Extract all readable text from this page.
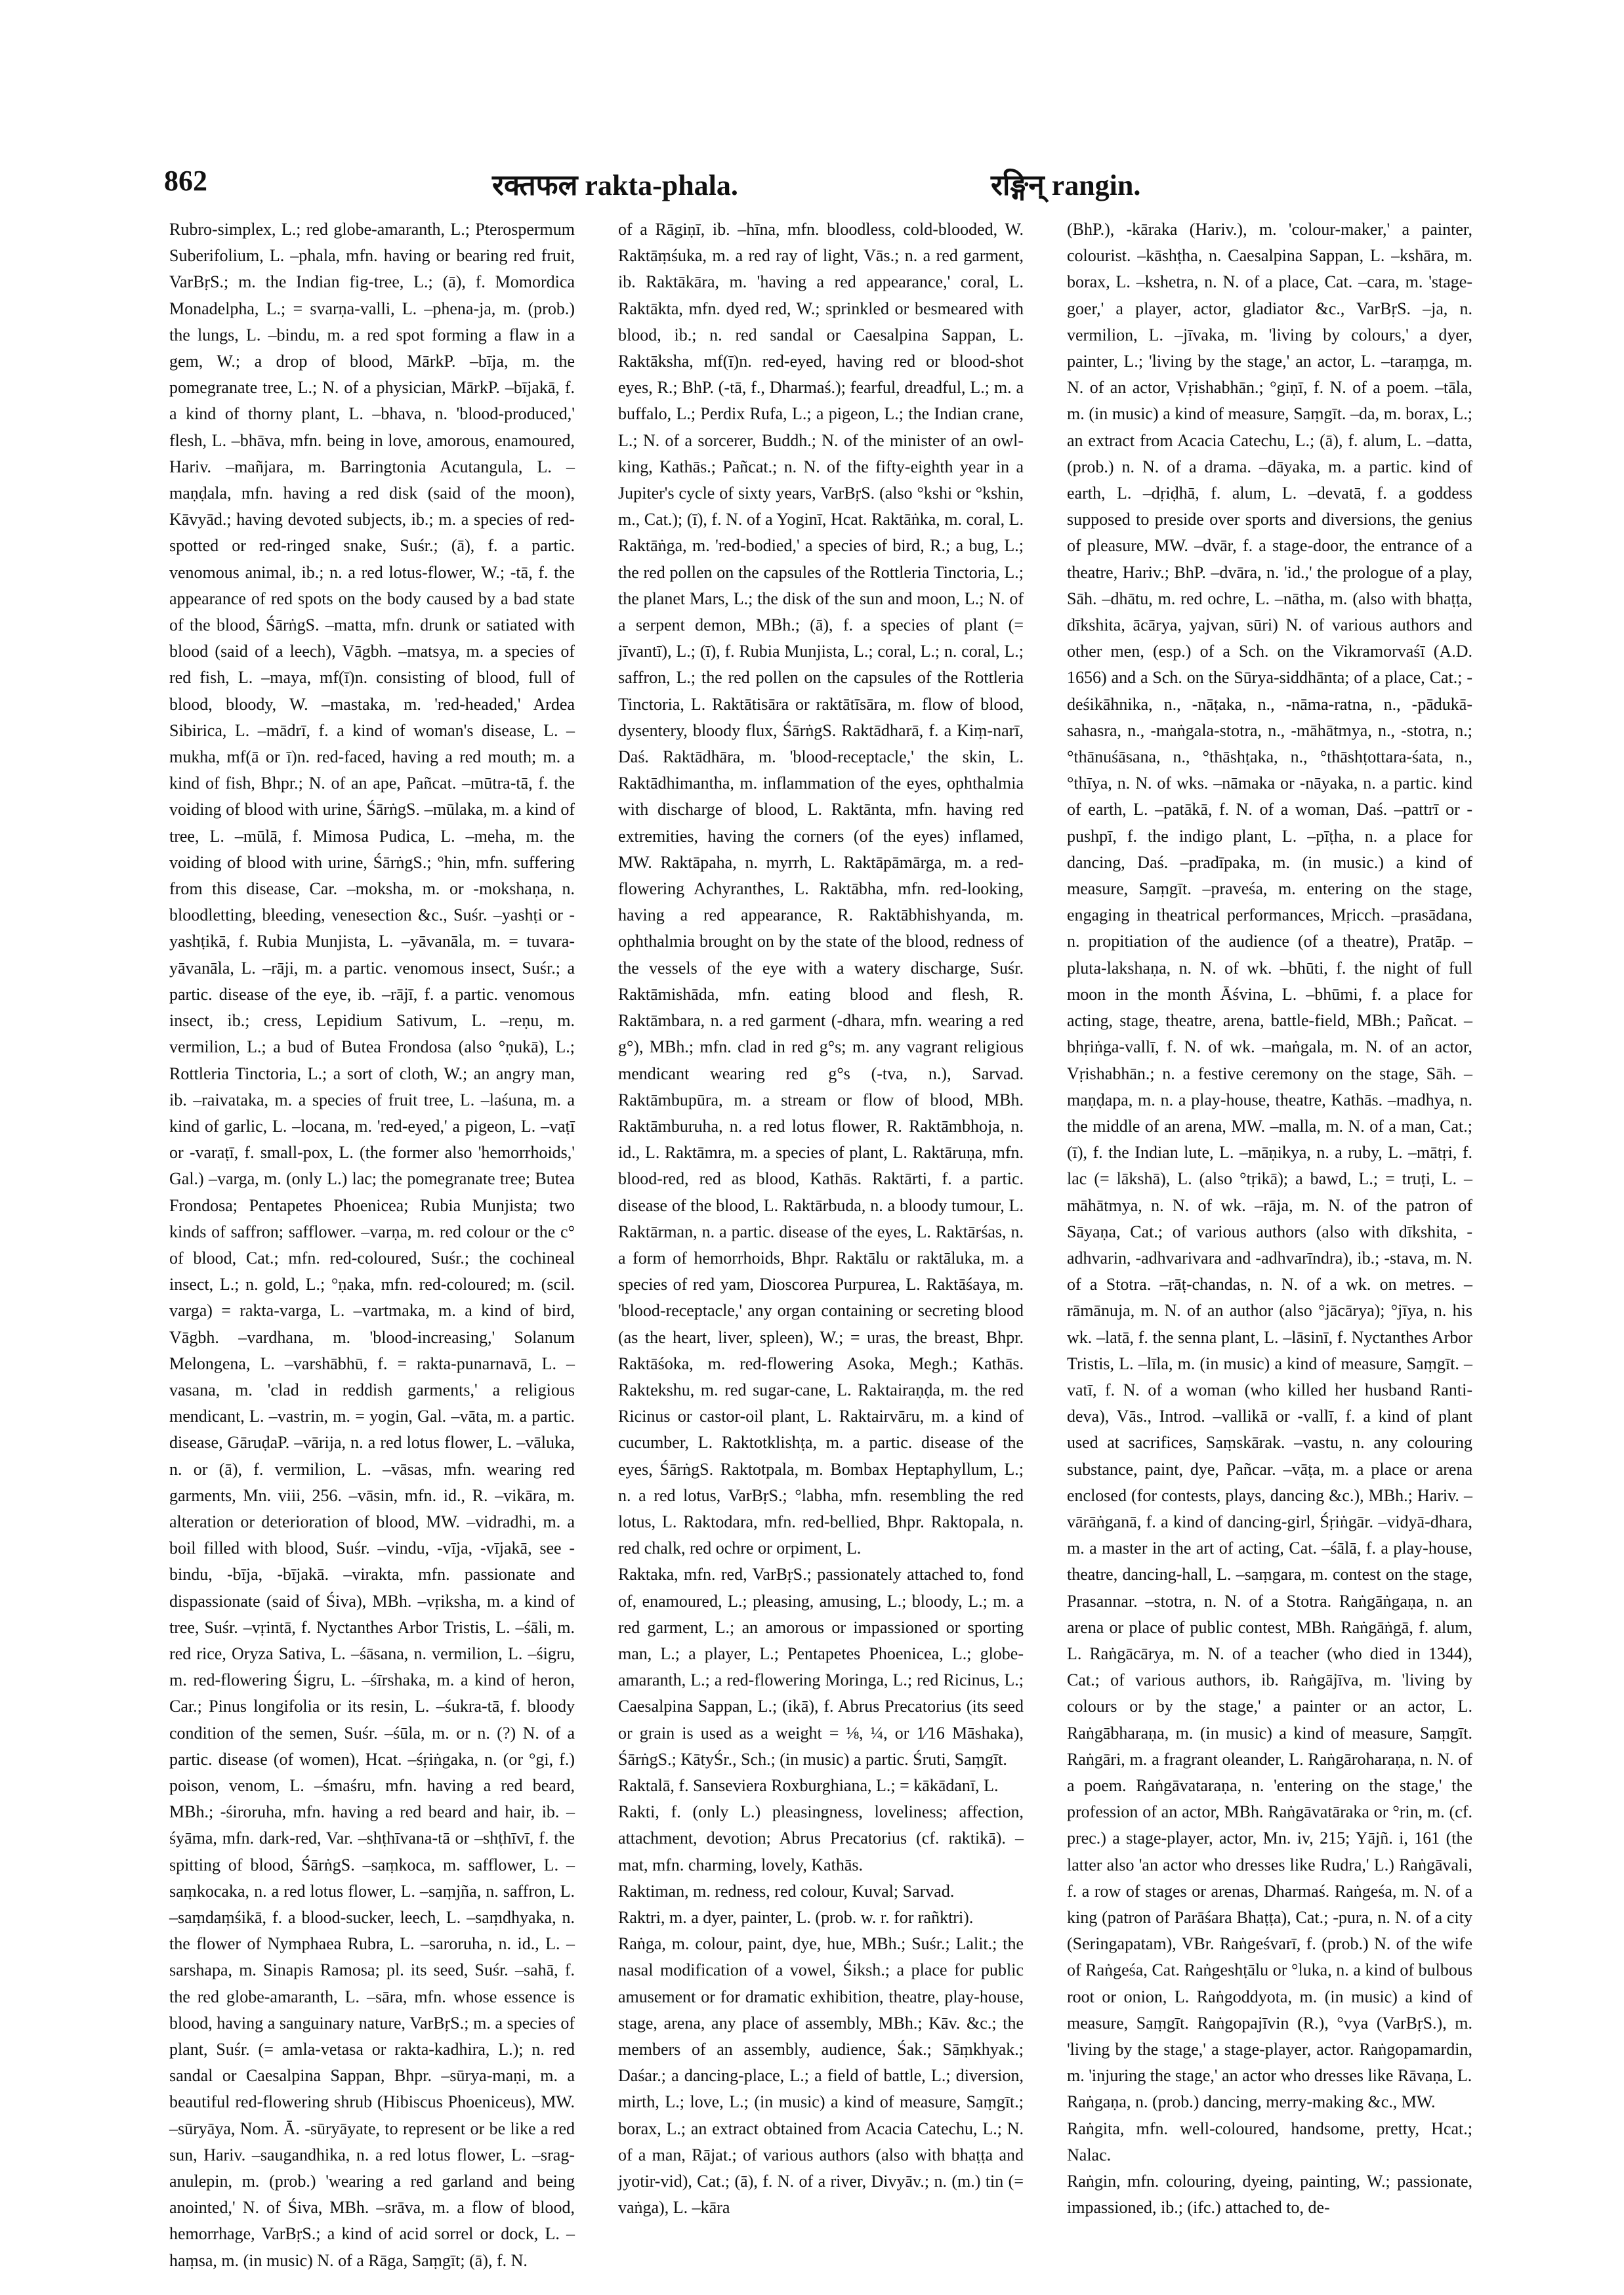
862	रक्तफल rakta-phala.	रङ्गिन् rangin.

Rubro-simplex, L.; red globe-amaranth, L.; Pterospermum Suberifolium, L. –phala, mfn. having or bearing red fruit, VarBṛS.; m. the Indian fig-tree, L.; (ā), f. Momordica Monadelpha, L.; = svarṇa-valli, L. –phena-ja, m. (prob.) the lungs, L. –bindu, m. a red spot forming a flaw in a gem, W.; a drop of blood, MārkP. –bīja, m. the pomegranate tree, L.; N. of a physician, MārkP. –bījakā, f. a kind of thorny plant, L. –bhava, n. 'blood-produced,' flesh, L. –bhāva, mfn. being in love, amorous, enamoured, Hariv. –mañjara, m. Barringtonia Acutangula, L. –maṇḍala, mfn. having a red disk (said of the moon), Kāvyād.; having devoted subjects, ib.; m. a species of red-spotted or red-ringed snake, Suśr.; (ā), f. a partic. venomous animal, ib.; n. a red lotus-flower, W.; -tā, f. the appearance of red spots on the body caused by a bad state of the blood, ŚārṅgS. –matta, mfn. drunk or satiated with blood (said of a leech), Vāgbh. –matsya, m. a species of red fish, L. –maya, mf(ī)n. consisting of blood, full of blood, bloody, W. –mastaka, m. 'red-headed,' Ardea Sibirica, L. –mādrī, f. a kind of woman's disease, L. –mukha, mf(ā or ī)n. red-faced, having a red mouth; m. a kind of fish, Bhpr.; N. of an ape, Pañcat. –mūtra-tā, f. the voiding of blood with urine, ŚārṅgS. –mūlaka, m. a kind of tree, L. –mūlā, f. Mimosa Pudica, L. –meha, m. the voiding of blood with urine, ŚārṅgS.; °hin, mfn. suffering from this disease, Car. –moksha, m. or -mokshaṇa, n. bloodletting, bleeding, venesection &c., Suśr. –yashṭi or -yashṭikā, f. Rubia Munjista, L. –yāvanāla, m. = tuvara-yāvanāla, L. –rāji, m. a partic. venomous insect, Suśr.; a partic. disease of the eye, ib. –rājī, f. a partic. venomous insect, ib.; cress, Lepidium Sativum, L. –reṇu, m. vermilion, L.; a bud of Butea Frondosa (also °ṇukā), L.; Rottleria Tinctoria, L.; a sort of cloth, W.; an angry man, ib. –raivataka, m. a species of fruit tree, L. –laśuna, m. a kind of garlic, L. –locana, m. 'red-eyed,' a pigeon, L. –vaṭī or -varaṭī, f. small-pox, L. (the former also 'hemorrhoids,' Gal.) –varga, m. (only L.) lac; the pomegranate tree; Butea Frondosa; Pentapetes Phoenicea; Rubia Munjista; two kinds of saffron; safflower. –varṇa, m. red colour or the c° of blood, Cat.; mfn. red-coloured, Suśr.; the cochineal insect, L.; n. gold, L.; °ṇaka, mfn. red-coloured; m. (scil. varga) = rakta-varga, L. –vartmaka, m. a kind of bird, Vāgbh. –vardhana, m. 'blood-increasing,' Solanum Melongena, L. –varshābhū, f. = rakta-punarnavā, L. –vasana, m. 'clad in reddish garments,' a religious mendicant, L. –vastrin, m. = yogin, Gal. –vāta, m. a partic. disease, GāruḍaP. –vārija, n. a red lotus flower, L. –vāluka, n. or (ā), f. vermilion, L. –vāsas, mfn. wearing red garments, Mn. viii, 256. –vāsin, mfn. id., R. –vikāra, m. alteration or deterioration of blood, MW. –vidradhi, m. a boil filled with blood, Suśr. –vindu, -vīja, -vījakā, see -bindu, -bīja, -bījakā. –virakta, mfn. passionate and dispassionate (said of Śiva), MBh. –vṛiksha, m. a kind of tree, Suśr. –vṛintā, f. Nyctanthes Arbor Tristis, L. –śāli, m. red rice, Oryza Sativa, L. –śāsana, n. vermilion, L. –śigru, m. red-flowering Śigru, L. –śīrshaka, m. a kind of heron, Car.; Pinus longifolia or its resin, L. –śukra-tā, f. bloody condition of the semen, Suśr. –śūla, m. or n. (?) N. of a partic. disease (of women), Hcat. –śṛiṅgaka, n. (or °gi, f.) poison, venom, L. –śmaśru, mfn. having a red beard, MBh.; -śiroruha, mfn. having a red beard and hair, ib. –śyāma, mfn. dark-red, Var. –shṭhīvana-tā or –shṭhīvī, f. the spitting of blood, ŚārṅgS. –saṃkoca, m. safflower, L. –saṃkocaka, n. a red lotus flower, L. –saṃjña, n. saffron, L. –saṃdaṃśikā, f. a blood-sucker, leech, L. –saṃdhyaka, n. the flower of Nymphaea Rubra, L. –saroruha, n. id., L. –sarshapa, m. Sinapis Ramosa; pl. its seed, Suśr. –sahā, f. the red globe-amaranth, L. –sāra, mfn. whose essence is blood, having a sanguinary nature, VarBṛS.; m. a species of plant, Suśr. (= amla-vetasa or rakta-kadhira, L.); n. red sandal or Caesalpina Sappan, Bhpr. –sūrya-maṇi, m. a beautiful red-flowering shrub (Hibiscus Phoeniceus), MW. –sūryāya, Nom. Ā. -sūryāyate, to represent or be like a red sun, Hariv. –saugandhika, n. a red lotus flower, L. –srag-anulepin, m. (prob.) 'wearing a red garland and being anointed,' N. of Śiva, MBh. –srāva, m. a flow of blood, hemorrhage, VarBṛS.; a kind of acid sorrel or dock, L. –haṃsa, m. (in music) N. of a Rāga, Saṃgīt; (ā), f. N.

of a Rāgiṇī, ib. –hīna, mfn. bloodless, cold-blooded, W. Raktāṃśuka, m. a red ray of light, Vās.; n. a red garment, ib. Raktākāra, m. 'having a red appearance,' coral, L. Raktākta, mfn. dyed red, W.; sprinkled or besmeared with blood, ib.; n. red sandal or Caesalpina Sappan, L. Raktāksha, mf(ī)n. red-eyed, having red or blood-shot eyes, R.; BhP. (-tā, f., Dharmaś.); fearful, dreadful, L.; m. a buffalo, L.; Perdix Rufa, L.; a pigeon, L.; the Indian crane, L.; N. of a sorcerer, Buddh.; N. of the minister of an owl-king, Kathās.; Pañcat.; n. N. of the fifty-eighth year in a Jupiter's cycle of sixty years, VarBṛS. (also °kshi or °kshin, m., Cat.); (ī), f. N. of a Yoginī, Hcat. Raktāṅka, m. coral, L. Raktāṅga, m. 'red-bodied,' a species of bird, R.; a bug, L.; the red pollen on the capsules of the Rottleria Tinctoria, L.; the planet Mars, L.; the disk of the sun and moon, L.; N. of a serpent demon, MBh.; (ā), f. a species of plant (= jīvantī), L.; (ī), f. Rubia Munjista, L.; coral, L.; n. coral, L.; saffron, L.; the red pollen on the capsules of the Rottleria Tinctoria, L. Raktātisāra or raktātīsāra, m. flow of blood, dysentery, bloody flux, ŚārṅgS. Raktādharā, f. a Kiṃ-narī, Daś. Raktādhāra, m. 'blood-receptacle,' the skin, L. Raktādhimantha, m. inflammation of the eyes, ophthalmia with discharge of blood, L. Raktānta, mfn. having red extremities, having the corners (of the eyes) inflamed, MW. Raktāpaha, n. myrrh, L. Raktāpāmārga, m. a red-flowering Achyranthes, L. Raktābha, mfn. red-looking, having a red appearance, R. Raktābhishyanda, m. ophthalmia brought on by the state of the blood, redness of the vessels of the eye with a watery discharge, Suśr. Raktāmishāda, mfn. eating blood and flesh, R. Raktāmbara, n. a red garment (-dhara, mfn. wearing a red g°), MBh.; mfn. clad in red g°s; m. any vagrant religious mendicant wearing red g°s (-tva, n.), Sarvad. Raktāmbupūra, m. a stream or flow of blood, MBh. Raktāmburuha, n. a red lotus flower, R. Raktāmbhoja, n. id., L. Raktāmra, m. a species of plant, L. Raktāruṇa, mfn. blood-red, red as blood, Kathās. Raktārti, f. a partic. disease of the blood, L. Raktārbuda, n. a bloody tumour, L. Raktārman, n. a partic. disease of the eyes, L. Raktārśas, n. a form of hemorrhoids, Bhpr. Raktālu or raktāluka, m. a species of red yam, Dioscorea Purpurea, L. Raktāśaya, m. 'blood-receptacle,' any organ containing or secreting blood (as the heart, liver, spleen), W.; = uras, the breast, Bhpr. Raktāśoka, m. red-flowering Asoka, Megh.; Kathās. Raktekshu, m. red sugar-cane, L. Raktairaṇḍa, m. the red Ricinus or castor-oil plant, L. Raktairvāru, m. a kind of cucumber, L. Raktotklishṭa, m. a partic. disease of the eyes, ŚārṅgS. Raktotpala, m. Bombax Heptaphyllum, L.; n. a red lotus, VarBṛS.; °labha, mfn. resembling the red lotus, L. Raktodara, mfn. red-bellied, Bhpr. Raktopala, n. red chalk, red ochre or orpiment, L.

Raktaka, mfn. red, VarBṛS.; passionately attached to, fond of, enamoured, L.; pleasing, amusing, L.; bloody, L.; m. a red garment, L.; an amorous or impassioned or sporting man, L.; a player, L.; Pentapetes Phoenicea, L.; globe-amaranth, L.; a red-flowering Moringa, L.; red Ricinus, L.; Caesalpina Sappan, L.; (ikā), f. Abrus Precatorius (its seed or grain is used as a weight = ⅛, ¼, or 1⁄16 Māshaka), ŚārṅgS.; KātyŚr., Sch.; (in music) a partic. Śruti, Saṃgīt.

Raktalā, f. Sanseviera Roxburghiana, L.; = kākādanī, L.

Rakti, f. (only L.) pleasingness, loveliness; affection, attachment, devotion; Abrus Precatorius (cf. raktikā). –mat, mfn. charming, lovely, Kathās.

Raktiman, m. redness, red colour, Kuval; Sarvad.

Raktri, m. a dyer, painter, L. (prob. w. r. for rañktri).

Raṅga, m. colour, paint, dye, hue, MBh.; Suśr.; Lalit.; the nasal modification of a vowel, Śiksh.; a place for public amusement or for dramatic exhibition, theatre, play-house, stage, arena, any place of assembly, MBh.; Kāv. &c.; the members of an assembly, audience, Śak.; Sāṃkhyak.; Daśar.; a dancing-place, L.; a field of battle, L.; diversion, mirth, L.; love, L.; (in music) a kind of measure, Saṃgīt.; borax, L.; an extract obtained from Acacia Catechu, L.; N. of a man, Rājat.; of various authors (also with bhaṭṭa and jyotir-vid), Cat.; (ā), f. N. of a river, Divyāv.; n. (m.) tin (= vaṅga), L. –kāra

(BhP.), -kāraka (Hariv.), m. 'colour-maker,' a painter, colourist. –kāshṭha, n. Caesalpina Sappan, L. –kshāra, m. borax, L. –kshetra, n. N. of a place, Cat. –cara, m. 'stage-goer,' a player, actor, gladiator &c., VarBṛS. –ja, n. vermilion, L. –jīvaka, m. 'living by colours,' a dyer, painter, L.; 'living by the stage,' an actor, L. –taraṃga, m. N. of an actor, Vṛishabhān.; °giṇī, f. N. of a poem. –tāla, m. (in music) a kind of measure, Saṃgīt. –da, m. borax, L.; an extract from Acacia Catechu, L.; (ā), f. alum, L. –datta, (prob.) n. N. of a drama. –dāyaka, m. a partic. kind of earth, L. –dṛiḍhā, f. alum, L. –devatā, f. a goddess supposed to preside over sports and diversions, the genius of pleasure, MW. –dvār, f. a stage-door, the entrance of a theatre, Hariv.; BhP. –dvāra, n. 'id.,' the prologue of a play, Sāh. –dhātu, m. red ochre, L. –nātha, m. (also with bhaṭṭa, dīkshita, ācārya, yajvan, sūri) N. of various authors and other men, (esp.) of a Sch. on the Vikramorvaśī (A.D. 1656) and a Sch. on the Sūrya-siddhānta; of a place, Cat.; -deśikāhnika, n., -nāṭaka, n., -nāma-ratna, n., -pādukā-sahasra, n., -maṅgala-stotra, n., -māhātmya, n., -stotra, n.; °thānuśāsana, n., °thāshṭaka, n., °thāshṭottara-śata, n., °thīya, n. N. of wks. –nāmaka or -nāyaka, n. a partic. kind of earth, L. –patākā, f. N. of a woman, Daś. –pattrī or -pushpī, f. the indigo plant, L. –pīṭha, n. a place for dancing, Daś. –pradīpaka, m. (in music.) a kind of measure, Saṃgīt. –praveśa, m. entering on the stage, engaging in theatrical performances, Mṛicch. –prasādana, n. propitiation of the audience (of a theatre), Pratāp. –pluta-lakshaṇa, n. N. of wk. –bhūti, f. the night of full moon in the month Āśvina, L. –bhūmi, f. a place for acting, stage, theatre, arena, battle-field, MBh.; Pañcat. –bhṛiṅga-vallī, f. N. of wk. –maṅgala, m. N. of an actor, Vṛishabhān.; n. a festive ceremony on the stage, Sāh. –maṇḍapa, m. n. a play-house, theatre, Kathās. –madhya, n. the middle of an arena, MW. –malla, m. N. of a man, Cat.; (ī), f. the Indian lute, L. –māṇikya, n. a ruby, L. –mātṛi, f. lac (= lākshā), L. (also °tṛikā); a bawd, L.; = truṭi, L. –māhātmya, n. N. of wk. –rāja, m. N. of the patron of Sāyaṇa, Cat.; of various authors (also with dīkshita, -adhvarin, -adhvarivara and -adhvarīndra), ib.; -stava, m. N. of a Stotra. –rāṭ-chandas, n. N. of a wk. on metres. –rāmānuja, m. N. of an author (also °jācārya); °jīya, n. his wk. –latā, f. the senna plant, L. –lāsinī, f. Nyctanthes Arbor Tristis, L. –līla, m. (in music) a kind of measure, Saṃgīt. –vatī, f. N. of a woman (who killed her husband Ranti-deva), Vās., Introd. –vallikā or -vallī, f. a kind of plant used at sacrifices, Saṃskārak. –vastu, n. any colouring substance, paint, dye, Pañcar. –vāṭa, m. a place or arena enclosed (for contests, plays, dancing &c.), MBh.; Hariv. –vārāṅganā, f. a kind of dancing-girl, Śṛiṅgār. –vidyā-dhara, m. a master in the art of acting, Cat. –śālā, f. a play-house, theatre, dancing-hall, L. –saṃgara, m. contest on the stage, Prasannar. –stotra, n. N. of a Stotra. Raṅgāṅgaṇa, n. an arena or place of public contest, MBh. Raṅgāṅgā, f. alum, L. Raṅgācārya, m. N. of a teacher (who died in 1344), Cat.; of various authors, ib. Raṅgājīva, m. 'living by colours or by the stage,' a painter or an actor, L. Raṅgābharaṇa, m. (in music) a kind of measure, Saṃgīt. Raṅgāri, m. a fragrant oleander, L. Raṅgāroharaṇa, n. N. of a poem. Raṅgāvataraṇa, n. 'entering on the stage,' the profession of an actor, MBh. Raṅgāvatāraka or °rin, m. (cf. prec.) a stage-player, actor, Mn. iv, 215; Yājñ. i, 161 (the latter also 'an actor who dresses like Rudra,' L.) Raṅgāvali, f. a row of stages or arenas, Dharmaś. Raṅgeśa, m. N. of a king (patron of Parāśara Bhaṭṭa), Cat.; -pura, n. N. of a city (Seringapatam), VBr. Raṅgeśvarī, f. (prob.) N. of the wife of Raṅgeśa, Cat. Raṅgeshṭālu or °luka, n. a kind of bulbous root or onion, L. Raṅgoddyota, m. (in music) a kind of measure, Saṃgīt. Raṅgopajīvin (R.), °vya (VarBṛS.), m. 'living by the stage,' a stage-player, actor. Raṅgopamardin, m. 'injuring the stage,' an actor who dresses like Rāvaṇa, L.

Raṅgaṇa, n. (prob.) dancing, merry-making &c., MW.

Raṅgita, mfn. well-coloured, handsome, pretty, Hcat.; Nalac.

Raṅgin, mfn. colouring, dyeing, painting, W.; passionate, impassioned, ib.; (ifc.) attached to, de-
